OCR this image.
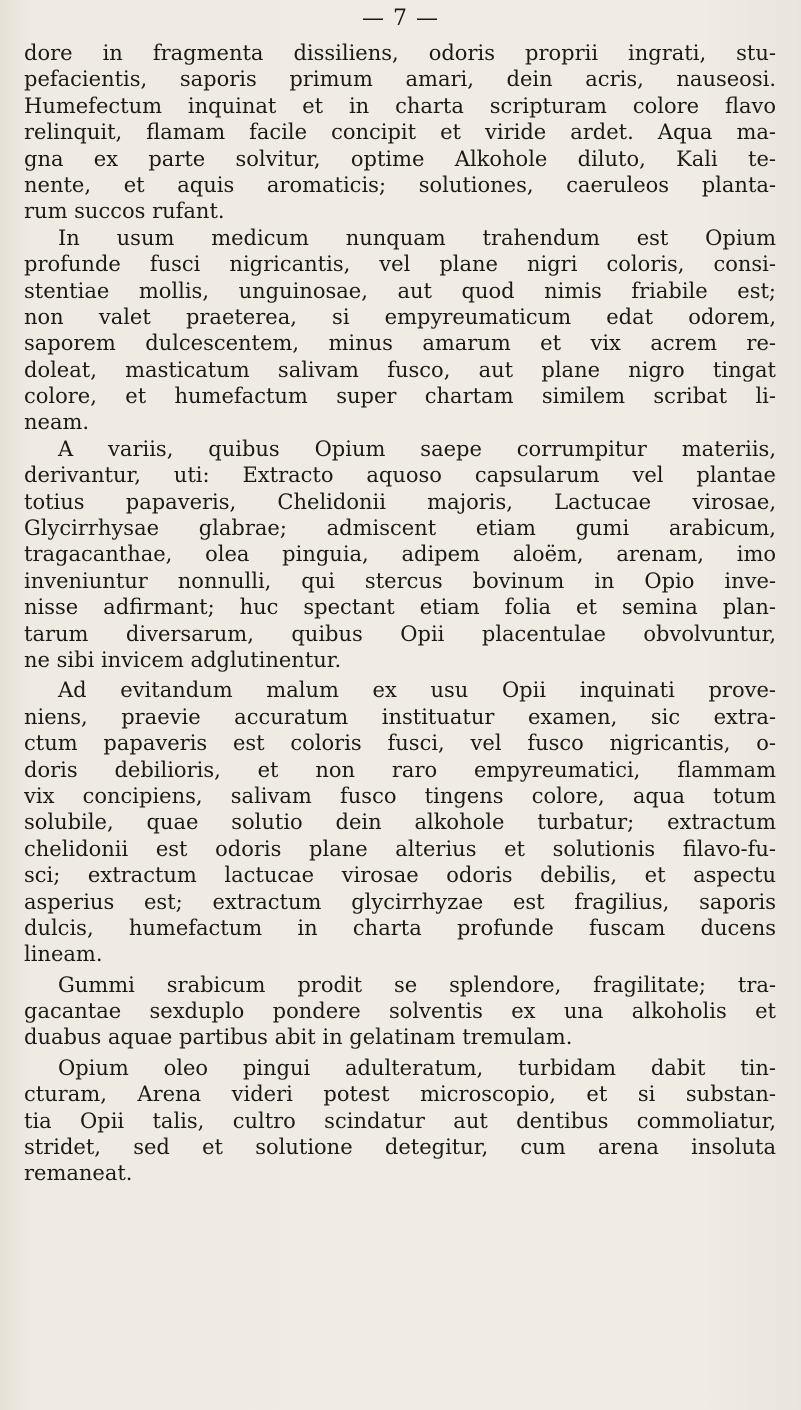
— 7 —
dore in fragmenta dissiliens, odoris proprii ingrati, stu-
pefacientis, saporis primum amari, dein acris, nauseosi.
Humefectum inquinat et in charta scripturam colore flavo
relinquit, flamam facile concipit et viride ardet. Aqua ma-
gna ex parte solvitur, optime Alkohole diluto, Kali te-
nente, et aquis aromaticis; solutiones, caeruleos planta-
rum succos rufant.
In usum medicum nunquam trahendum est Opium
profunde fusci nigricantis, vel plane nigri coloris, consi-
stentiae mollis, unguinosae, aut quod nimis friabile est;
non valet praeterea, si empyreumaticum edat odorem,
saporem dulcescentem, minus amarum et vix acrem re-
doleat, masticatum salivam fusco, aut plane nigro tingat
colore, et humefactum super chartam similem scribat li-
neam.
A variis, quibus Opium saepe corrumpitur materiis,
derivantur, uti: Extracto aquoso capsularum vel plantae
totius papaveris, Chelidonii majoris, Lactucae virosae,
Glycirrhysae glabrae; admiscent etiam gumi arabicum,
tragacanthae, olea pinguia, adipem aloëm, arenam, imo
inveniuntur nonnulli, qui stercus bovinum in Opio inve-
nisse adfirmant; huc spectant etiam folia et semina plan-
tarum diversarum, quibus Opii placentulae obvolvuntur,
ne sibi invicem adglutinentur.
Ad evitandum malum ex usu Opii inquinati prove-
niens, praevie accuratum instituatur examen, sic extra-
ctum papaveris est coloris fusci, vel fusco nigricantis, o-
doris debilioris, et non raro empyreumatici, flammam
vix concipiens, salivam fusco tingens colore, aqua totum
solubile, quae solutio dein alkohole turbatur; extractum
chelidonii est odoris plane alterius et solutionis filavo-fu-
sci; extractum lactucae virosae odoris debilis, et aspectu
asperius est; extractum glycirrhyzae est fragilius, saporis
dulcis, humefactum in charta profunde fuscam ducens
lineam.
Gummi srabicum prodit se splendore, fragilitate; tra-
gacantae sexduplo pondere solventis ex una alkoholis et
duabus aquae partibus abit in gelatinam tremulam.
Opium oleo pingui adulteratum, turbidam dabit tin-
cturam, Arena videri potest microscopio, et si substan-
tia Opii talis, cultro scindatur aut dentibus commoliatur,
stridet, sed et solutione detegitur, cum arena insoluta
remaneat.
